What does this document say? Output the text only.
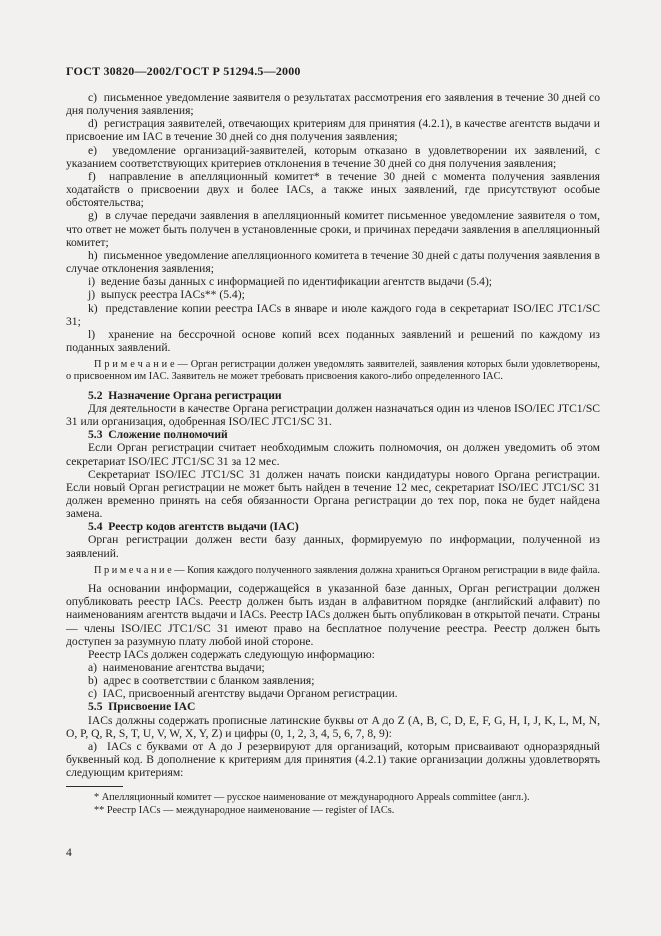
ГОСТ 30820—2002/ГОСТ Р 51294.5—2000

c)  письменное уведомление заявителя о результатах рассмотрения его заявления в течение 30 дней со дня получения заявления;

d)  регистрация заявителей, отвечающих критериям для принятия (4.2.1), в качестве агентств выдачи и присвоение им IAC в течение 30 дней со дня получения заявления;

e)  уведомление организаций-заявителей, которым отказано в удовлетворении их заявлений, с указанием соответствующих критериев отклонения в течение 30 дней со дня получения заявления;

f)  направление в апелляционный комитет* в течение 30 дней с момента получения заявления ходатайств о присвоении двух и более IACs, а также иных заявлений, где присутствуют особые обстоятельства;

g)  в случае передачи заявления в апелляционный комитет письменное уведомление заявителя о том, что ответ не может быть получен в установленные сроки, и причинах передачи заявления в апелляционный комитет;

h)  письменное уведомление апелляционного комитета в течение 30 дней с даты получения заявления в случае отклонения заявления;

i)  ведение базы данных с информацией по идентификации агентств выдачи (5.4);

j)  выпуск реестра IACs** (5.4);

k)  представление копии реестра IACs в январе и июле каждого года в секретариат ISO/IEC JTC1/SC 31;

l)  хранение на бессрочной основе копий всех поданных заявлений и решений по каждому из поданных заявлений.

П р и м е ч а н и е — Орган регистрации должен уведомлять заявителей, заявления которых были удовлетворены, о присвоенном им IAC. Заявитель не может требовать присвоения какого-либо определенного IAC.

5.2  Назначение Органа регистрации

Для деятельности в качестве Органа регистрации должен назначаться один из членов ISO/IEC JTC1/SC 31 или организация, одобренная ISO/IEC JTC1/SC 31.

5.3  Сложение полномочий

Если Орган регистрации считает необходимым сложить полномочия, он должен уведомить об этом секретариат ISO/IEC JTC1/SC 31 за 12 мес.

Секретариат ISO/IEC JTC1/SC 31 должен начать поиски кандидатуры нового Органа регистрации. Если новый Орган регистрации не может быть найден в течение 12 мес, секретариат ISO/IEC JTC1/SC 31 должен временно принять на себя обязанности Органа регистрации до тех пор, пока не будет найдена замена.

5.4  Реестр кодов агентств выдачи (IAC)

Орган регистрации должен вести базу данных, формируемую по информации, полученной из заявлений.

П р и м е ч а н и е — Копия каждого полученного заявления должна храниться Органом регистрации в виде файла.

На основании информации, содержащейся в указанной базе данных, Орган регистрации должен опубликовать реестр IACs. Реестр должен быть издан в алфавитном порядке (английский алфавит) по наименованиям агентств выдачи и IACs. Реестр IACs должен быть опубликован в открытой печати. Страны — члены ISO/IEC JTC1/SC 31 имеют право на бесплатное получение реестра. Реестр должен быть доступен за разумную плату любой иной стороне.

Реестр IACs должен содержать следующую информацию:

a)  наименование агентства выдачи;

b)  адрес в соответствии с бланком заявления;

c)  IAC, присвоенный агентству выдачи Органом регистрации.

5.5  Присвоение IAC

IACs должны содержать прописные латинские буквы от A до Z (A, B, C, D, E, F, G, H, I, J, K, L, M, N, O, P, Q, R, S, T, U, V, W, X, Y, Z) и цифры (0, 1, 2, 3, 4, 5, 6, 7, 8, 9):

a)  IACs с буквами от A до J резервируют для организаций, которым присваивают одноразрядный буквенный код. В дополнение к критериям для принятия (4.2.1) такие организации должны удовлетворять следующим критериям:

* Апелляционный комитет — русское наименование от международного Appeals committee (англ.).

** Реестр IACs — международное наименование — register of IACs.

4
